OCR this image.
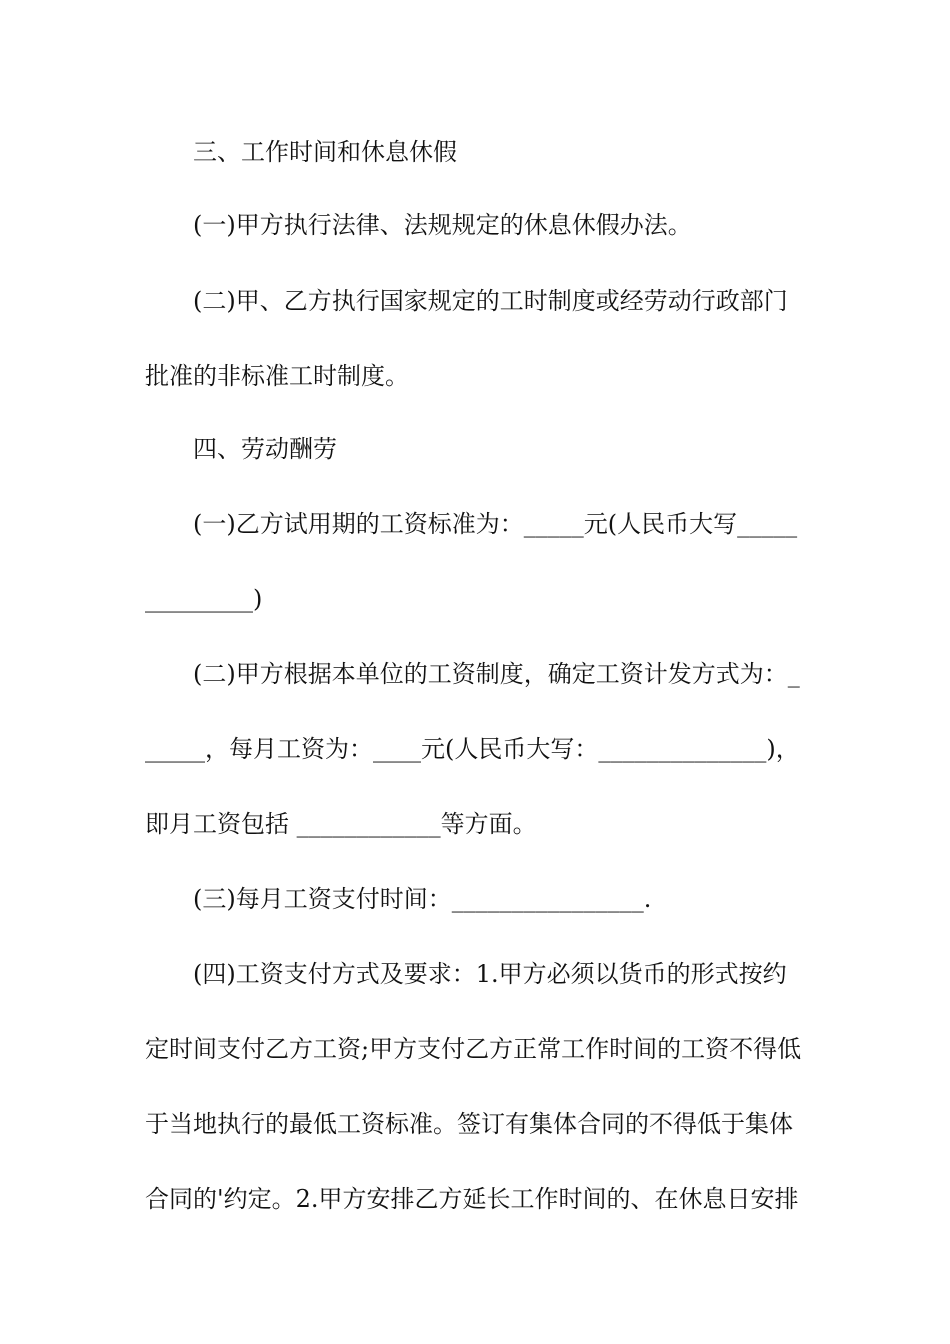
三、工作时间和休息休假
(一)甲方执行法律、法规规定的休息休假办法。
(二)甲、乙方执行国家规定的工时制度或经劳动行政部门
批准的非标准工时制度。
四、劳动酬劳
(一)乙方试用期的工资标准为：_____元(人民币大写_____
_________)
(二)甲方根据本单位的工资制度，确定工资计发方式为：_
_____，每月工资为：____元(人民币大写：______________)，
即月工资包括 ____________等方面。
(三)每月工资支付时间：________________.
(四)工资支付方式及要求：1.甲方必须以货币的形式按约
定时间支付乙方工资;甲方支付乙方正常工作时间的工资不得低
于当地执行的最低工资标准。签订有集体合同的不得低于集体
合同的'约定。2.甲方安排乙方延长工作时间的、在休息日安排
